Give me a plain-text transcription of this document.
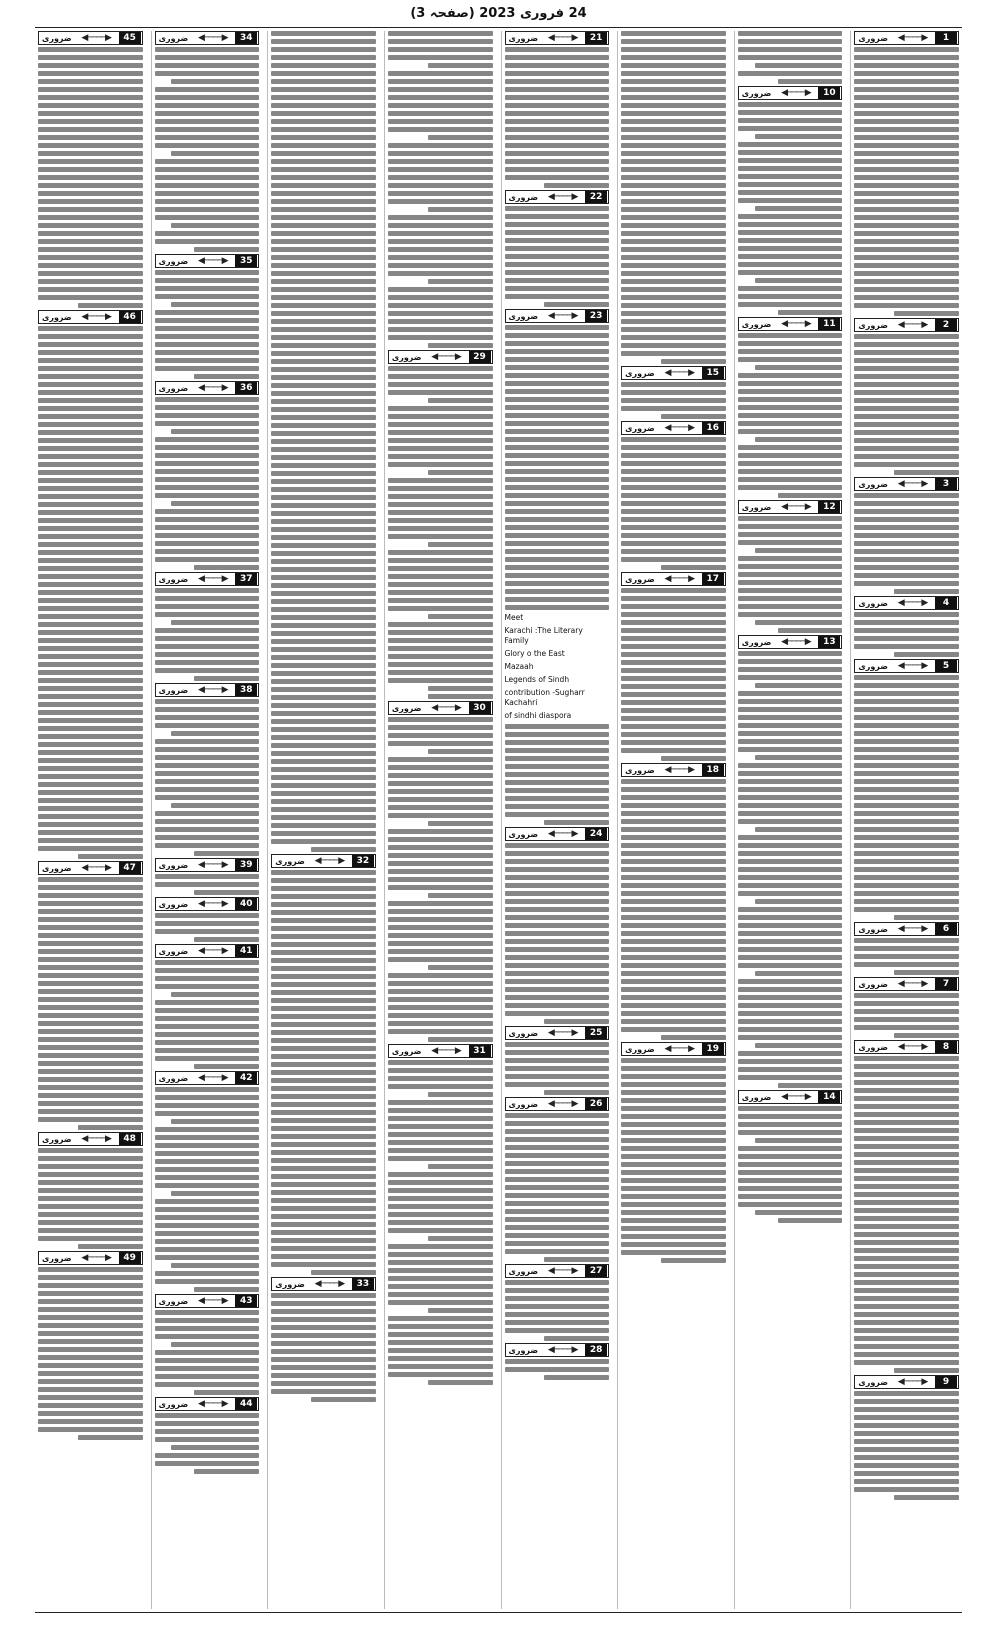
24 فروری 2023 (صفحہ 3)
ضروری	◀────▶	1
ضروری	◀────▶	2
ضروری	◀────▶	3
ضروری	◀────▶	4
ضروری	◀────▶	5
ضروری	◀────▶	6
ضروری	◀────▶	7
ضروری	◀────▶	8
ضروری	◀────▶	9
ضروری	◀────▶	10
ضروری	◀────▶	11
ضروری	◀────▶	12
ضروری	◀────▶	13
ضروری	◀────▶	14
ضروری	◀────▶	15
ضروری	◀────▶	16
ضروری	◀────▶	17
ضروری	◀────▶	18
ضروری	◀────▶	19
ضروری	◀────▶	21
ضروری	◀────▶	22
ضروری	◀────▶	23
Meet
Karachi :The Literary Family
Glory o the East
Mazaah
Legends of Sindh
contribution -Sugharr Kachahri
of sindhi diaspora
ضروری	◀────▶	24
ضروری	◀────▶	25
ضروری	◀────▶	26
ضروری	◀────▶	27
ضروری	◀────▶	28
ضروری	◀────▶	29
ضروری	◀────▶	30
ضروری	◀────▶	31
ضروری	◀────▶	32
ضروری	◀────▶	33
ضروری	◀────▶	34
ضروری	◀────▶	35
ضروری	◀────▶	36
ضروری	◀────▶	37
ضروری	◀────▶	38
ضروری	◀────▶	39
ضروری	◀────▶	40
ضروری	◀────▶	41
ضروری	◀────▶	42
ضروری	◀────▶	43
ضروری	◀────▶	44
ضروری	◀────▶	45
ضروری	◀────▶	46
ضروری	◀────▶	47
ضروری	◀────▶	48
ضروری	◀────▶	49
